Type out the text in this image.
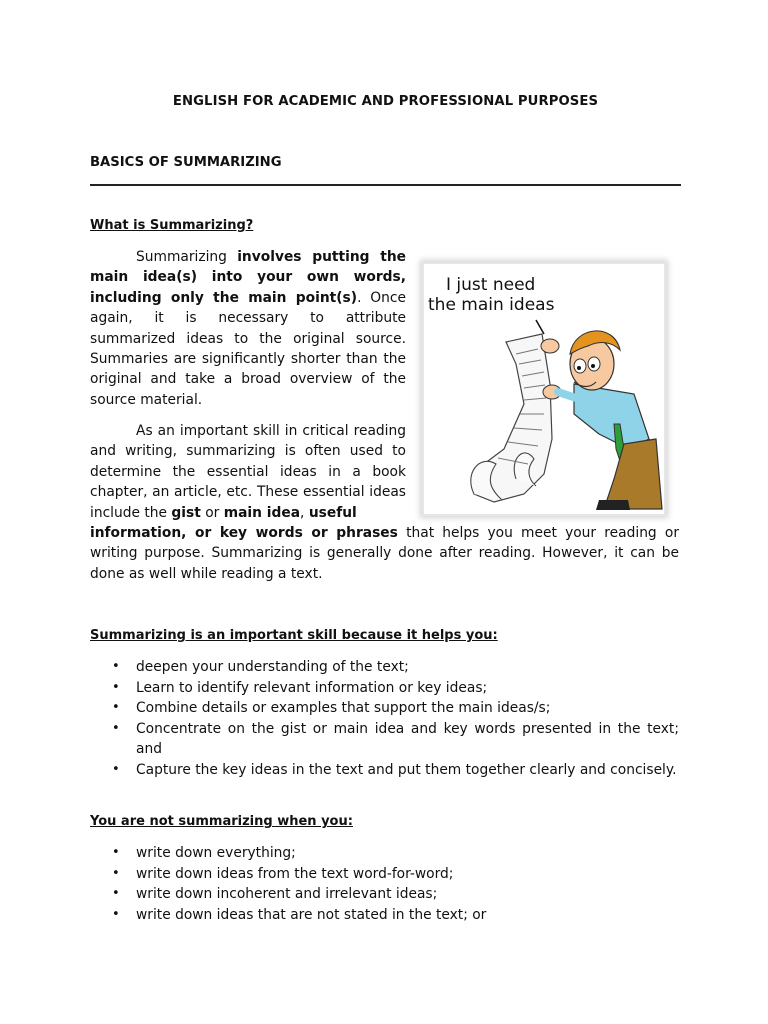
ENGLISH FOR ACADEMIC AND PROFESSIONAL PURPOSES
BASICS OF SUMMARIZING
What is Summarizing?

Summarizing involves putting the main idea(s) into your own words, including only the main point(s). Once again, it is necessary to attribute summarized ideas to the original source. Summaries are significantly shorter than the original and take a broad overview of the source material.

As an important skill in critical reading and writing, summarizing is often used to determine the essential ideas in a book chapter, an article, etc. These essential ideas include the gist or main idea, useful

information, or key words or phrases that helps you meet your reading or writing purpose. Summarizing is generally done after reading. However, it can be done as well while reading a text.

I just need
the main ideas
Summarizing is an important skill because it helps you:
• deepen your understanding of the text;
• Learn to identify relevant information or key ideas;
• Combine details or examples that support the main ideas/s;
• Concentrate on the gist or main idea and key words presented in the text; and
• Capture the key ideas in the text and put them together clearly and concisely.
You are not summarizing when you:
• write down everything;
• write down ideas from the text word-for-word;
• write down incoherent and irrelevant ideas;
• write down ideas that are not stated in the text; or
